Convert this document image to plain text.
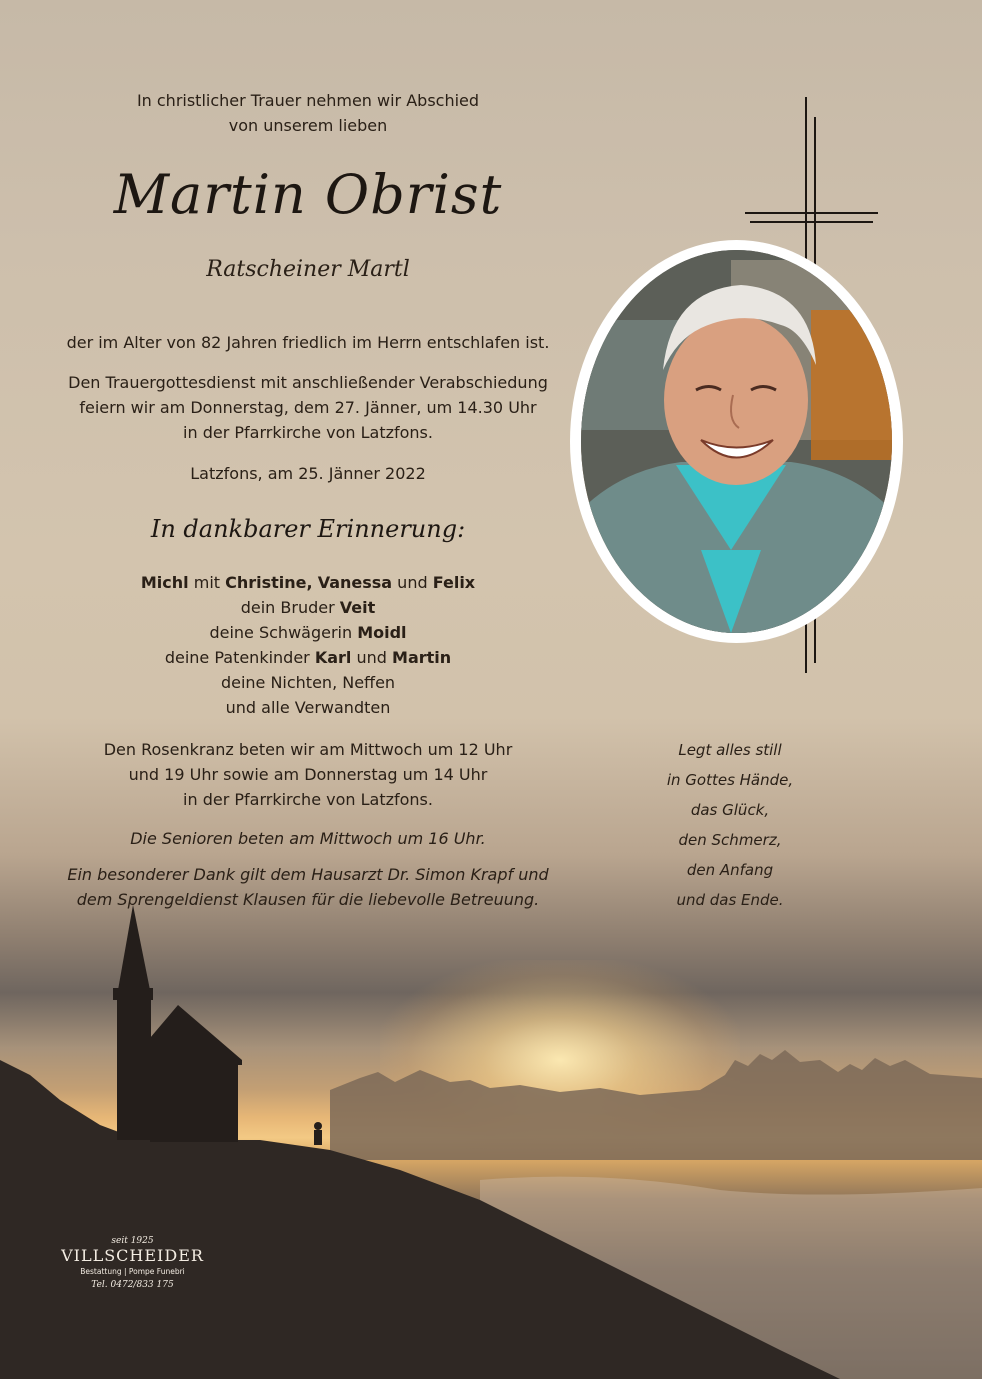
In christlicher Trauer nehmen wir Abschied
von unserem lieben
Martin Obrist
Ratscheiner Martl
der im Alter von 82 Jahren friedlich im Herrn entschlafen ist.
Den Trauergottesdienst mit anschließender Verabschiedung
feiern wir am Donnerstag, dem 27. Jänner, um 14.30 Uhr
in der Pfarrkirche von Latzfons.
Latzfons, am 25. Jänner 2022
In dankbarer Erinnerung:
Michl mit Christine, Vanessa und Felix
dein Bruder Veit
deine Schwägerin Moidl
deine Patenkinder Karl und Martin
deine Nichten, Neffen
und alle Verwandten
Den Rosenkranz beten wir am Mittwoch um 12 Uhr
und 19 Uhr sowie am Donnerstag um 14 Uhr
in der Pfarrkirche von Latzfons.
Die Senioren beten am Mittwoch um 16 Uhr.
Ein besonderer Dank gilt dem Hausarzt Dr. Simon Krapf und
dem Sprengeldienst Klausen für die liebevolle Betreuung.
Legt alles still
in Gottes Hände,
das Glück,
den Schmerz,
den Anfang
und das Ende.
seit 1925
VILLSCHEIDER
Bestattung | Pompe Funebri
Tel. 0472/833 175
